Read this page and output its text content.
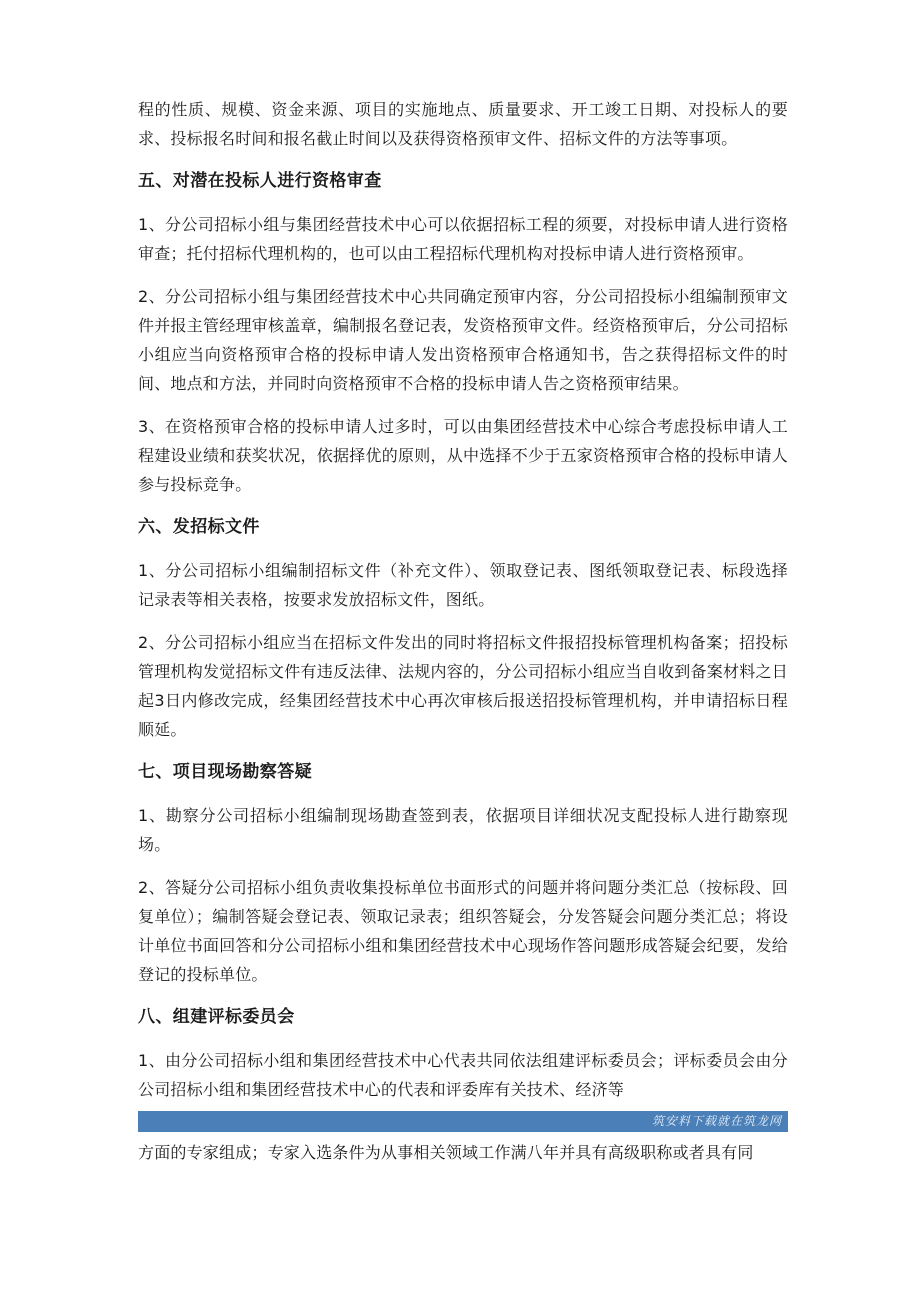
程的性质、规模、资金来源、项目的实施地点、质量要求、开工竣工日期、对投标人的要求、投标报名时间和报名截止时间以及获得资格预审文件、招标文件的方法等事项。

五、对潜在投标人进行资格审查

1、分公司招标小组与集团经营技术中心可以依据招标工程的须要，对投标申请人进行资格审查；托付招标代理机构的，也可以由工程招标代理机构对投标申请人进行资格预审。

2、分公司招标小组与集团经营技术中心共同确定预审内容，分公司招投标小组编制预审文件并报主管经理审核盖章，编制报名登记表，发资格预审文件。经资格预审后，分公司招标小组应当向资格预审合格的投标申请人发出资格预审合格通知书，告之获得招标文件的时间、地点和方法，并同时向资格预审不合格的投标申请人告之资格预审结果。

3、在资格预审合格的投标申请人过多时，可以由集团经营技术中心综合考虑投标申请人工程建设业绩和获奖状况，依据择优的原则，从中选择不少于五家资格预审合格的投标申请人参与投标竞争。

六、发招标文件

1、分公司招标小组编制招标文件（补充文件）、领取登记表、图纸领取登记表、标段选择记录表等相关表格，按要求发放招标文件，图纸。

2、分公司招标小组应当在招标文件发出的同时将招标文件报招投标管理机构备案；招投标管理机构发觉招标文件有违反法律、法规内容的，分公司招标小组应当自收到备案材料之日起3日内修改完成，经集团经营技术中心再次审核后报送招投标管理机构，并申请招标日程顺延。

七、项目现场勘察答疑

1、勘察分公司招标小组编制现场勘查签到表，依据项目详细状况支配投标人进行勘察现场。

2、答疑分公司招标小组负责收集投标单位书面形式的问题并将问题分类汇总（按标段、回复单位）；编制答疑会登记表、领取记录表；组织答疑会，分发答疑会问题分类汇总；将设计单位书面回答和分公司招标小组和集团经营技术中心现场作答问题形成答疑会纪要，发给登记的投标单位。

八、组建评标委员会

1、由分公司招标小组和集团经营技术中心代表共同依法组建评标委员会；评标委员会由分公司招标小组和集团经营技术中心的代表和评委库有关技术、经济等

筑安料下载就在筑龙网

方面的专家组成；专家入选条件为从事相关领域工作满八年并具有高级职称或者具有同
